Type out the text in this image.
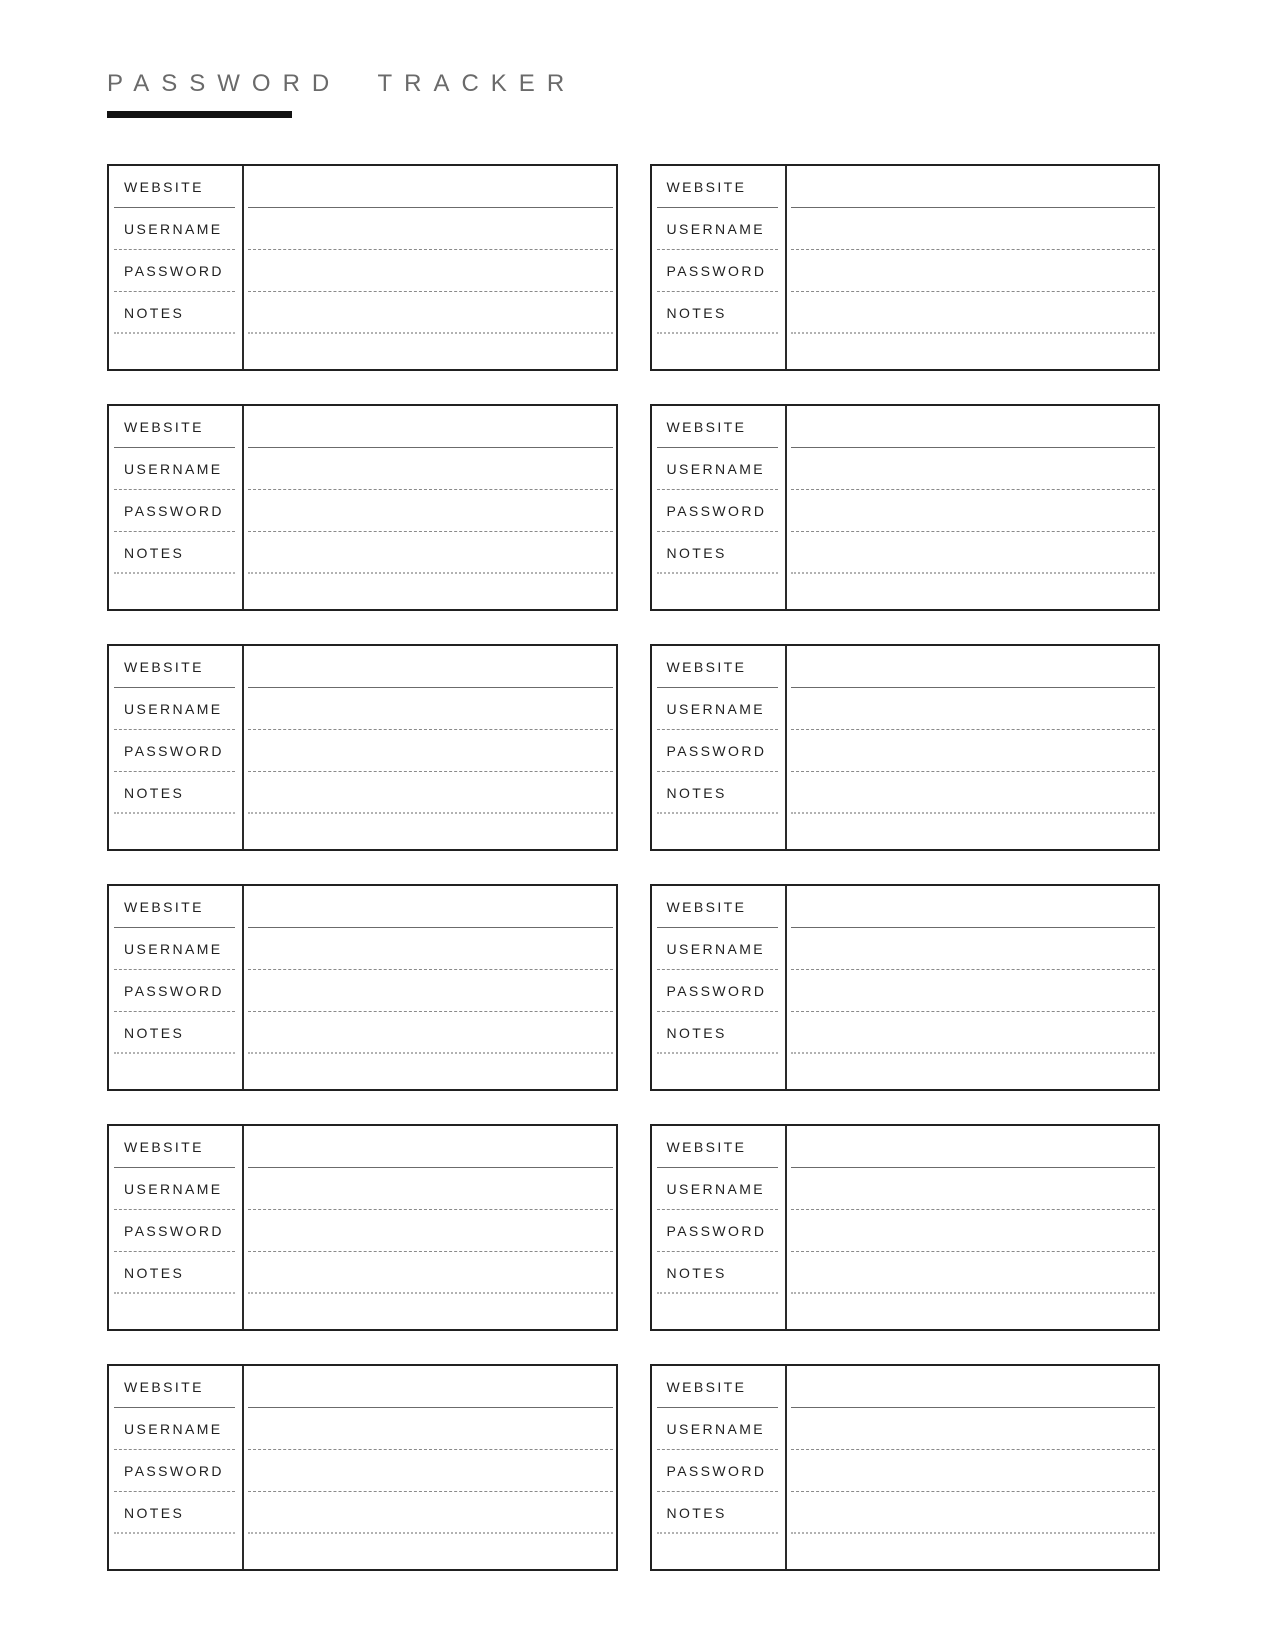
PASSWORD TRACKER
WEBSITE
USERNAME
PASSWORD
NOTES
WEBSITE
USERNAME
PASSWORD
NOTES
WEBSITE
USERNAME
PASSWORD
NOTES
WEBSITE
USERNAME
PASSWORD
NOTES
WEBSITE
USERNAME
PASSWORD
NOTES
WEBSITE
USERNAME
PASSWORD
NOTES
WEBSITE
USERNAME
PASSWORD
NOTES
WEBSITE
USERNAME
PASSWORD
NOTES
WEBSITE
USERNAME
PASSWORD
NOTES
WEBSITE
USERNAME
PASSWORD
NOTES
WEBSITE
USERNAME
PASSWORD
NOTES
WEBSITE
USERNAME
PASSWORD
NOTES
